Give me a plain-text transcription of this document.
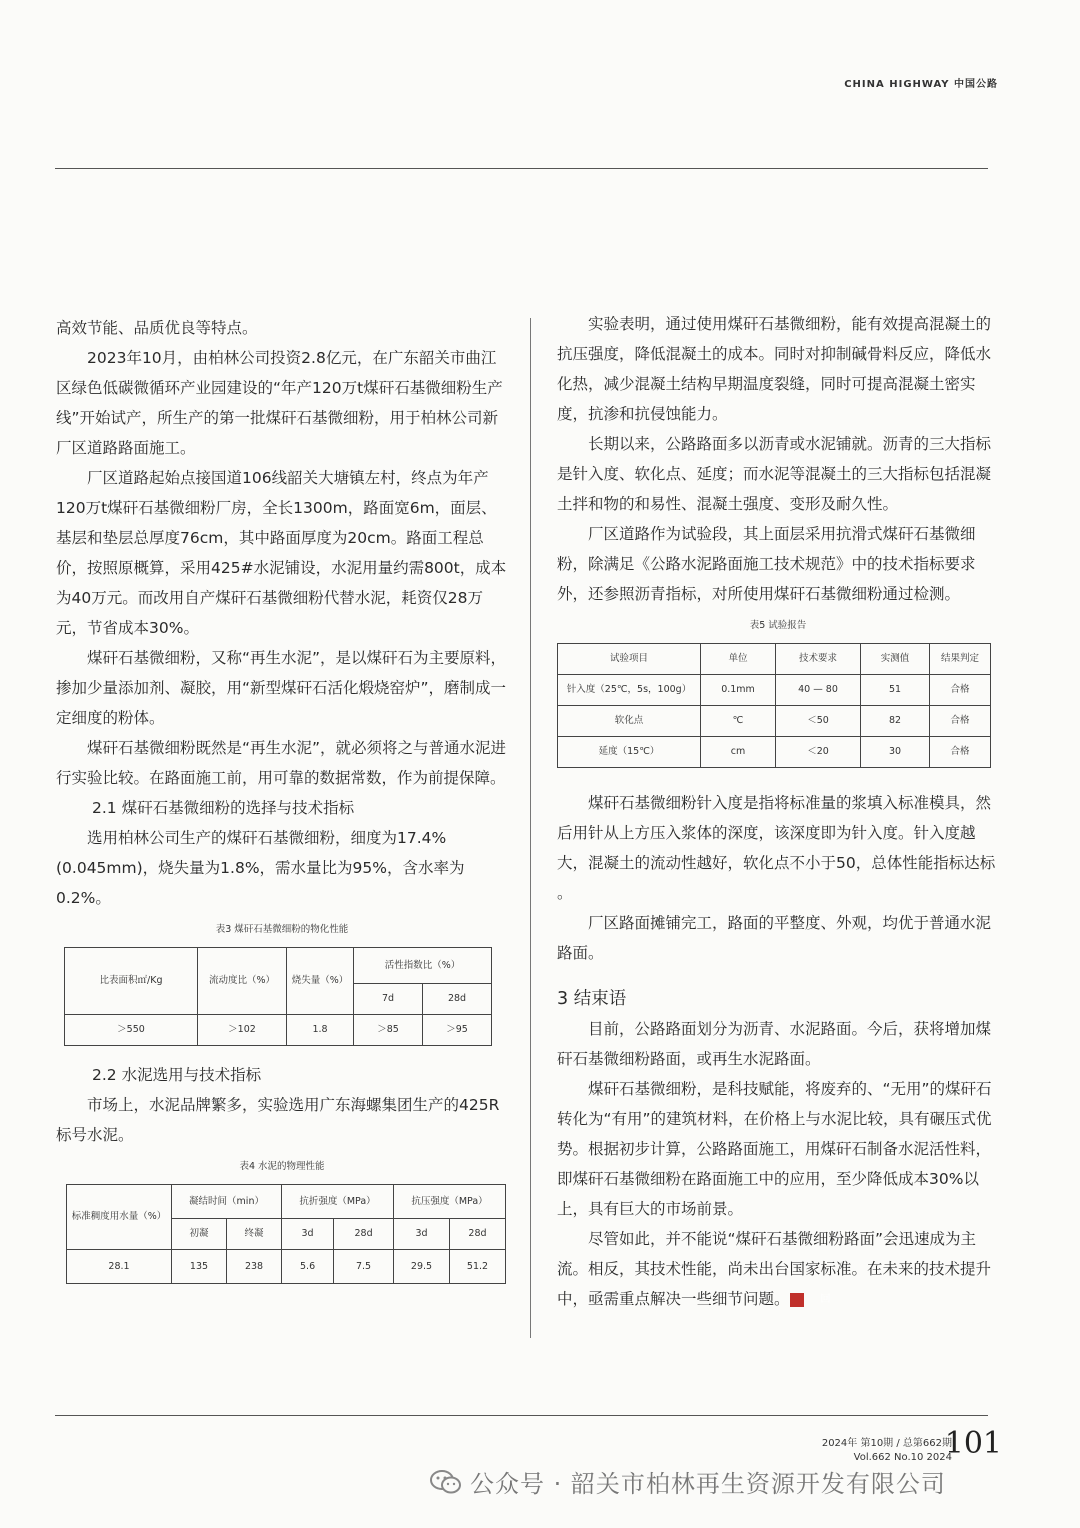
CHINA HIGHWAY 中国公路

高效节能、品质优良等特点。

2023年10月，由柏林公司投资2.8亿元，在广东韶关市曲江区绿色低碳微循环产业园建设的“年产120万t煤矸石基微细粉生产线”开始试产，所生产的第一批煤矸石基微细粉，用于柏林公司新厂区道路路面施工。

厂区道路起始点接国道106线韶关大塘镇左村，终点为年产120万t煤矸石基微细粉厂房，全长1300m，路面宽6m，面层、基层和垫层总厚度76cm，其中路面厚度为20cm。路面工程总价，按照原概算，采用425#水泥铺设，水泥用量约需800t，成本为40万元。而改用自产煤矸石基微细粉代替水泥，耗资仅28万元，节省成本30%。

煤矸石基微细粉，又称“再生水泥”，是以煤矸石为主要原料，掺加少量添加剂、凝胶，用“新型煤矸石活化煅烧窑炉”，磨制成一定细度的粉体。

煤矸石基微细粉既然是“再生水泥”，就必须将之与普通水泥进行实验比较。在路面施工前，用可靠的数据常数，作为前提保障。

2.1 煤矸石基微细粉的选择与技术指标

选用柏林公司生产的煤矸石基微细粉，细度为17.4%(0.045mm)，烧失量为1.8%，需水量比为95%，含水率为0.2%。

表3 煤矸石基微细粉的物化性能
比表面积㎡/Kg	流动度比（%）	烧失量（%）	活性指数比（%）	
			7d	28d
＞550	＞102	1.8	＞85	＞95

2.2 水泥选用与技术指标

市场上，水泥品牌繁多，实验选用广东海螺集团生产的425R标号水泥。

表4 水泥的物理性能
标准稠度用水量（%）	凝结时间（min）		抗折强度（MPa）		抗压强度（MPa）	
	初凝	终凝	3d	28d	3d	28d
28.1	135	238	5.6	7.5	29.5	51.2

实验表明，通过使用煤矸石基微细粉，能有效提高混凝土的抗压强度，降低混凝土的成本。同时对抑制碱骨料反应，降低水化热，减少混凝土结构早期温度裂缝，同时可提高混凝土密实度，抗渗和抗侵蚀能力。

长期以来，公路路面多以沥青或水泥铺就。沥青的三大指标是针入度、软化点、延度；而水泥等混凝土的三大指标包括混凝土拌和物的和易性、混凝土强度、变形及耐久性。

厂区道路作为试验段，其上面层采用抗滑式煤矸石基微细粉，除满足《公路水泥路面施工技术规范》中的技术指标要求外，还参照沥青指标，对所使用煤矸石基微细粉通过检测。

表5 试验报告
试验项目	单位	技术要求	实测值	结果判定
针入度（25℃，5s，100g）	0.1mm	40 — 80	51	合格
软化点	℃	＜50	82	合格
延度（15℃）	cm	＜20	30	合格

煤矸石基微细粉针入度是指将标准量的浆填入标准模具，然后用针从上方压入浆体的深度，该深度即为针入度。针入度越大，混凝土的流动性越好，软化点不小于50，总体性能指标达标 。

厂区路面摊铺完工，路面的平整度、外观，均优于普通水泥路面。

3 结束语

目前，公路路面划分为沥青、水泥路面。今后，获将增加煤矸石基微细粉路面，或再生水泥路面。

煤矸石基微细粉，是科技赋能，将废弃的、“无用”的煤矸石转化为“有用”的建筑材料，在价格上与水泥比较，具有碾压式优势。根据初步计算，公路路面施工，用煤矸石制备水泥活性料，即煤矸石基微细粉在路面施工中的应用，至少降低成本30%以上，具有巨大的市场前景。

尽管如此，并不能说“煤矸石基微细粉路面”会迅速成为主流。相反，其技术性能，尚未出台国家标准。在未来的技术提升中，亟需重点解决一些细节问题。	回

2024年 第10期 / 总第662期
Vol.662 No.10 2024
101
公众号 · 韶关市柏林再生资源开发有限公司
